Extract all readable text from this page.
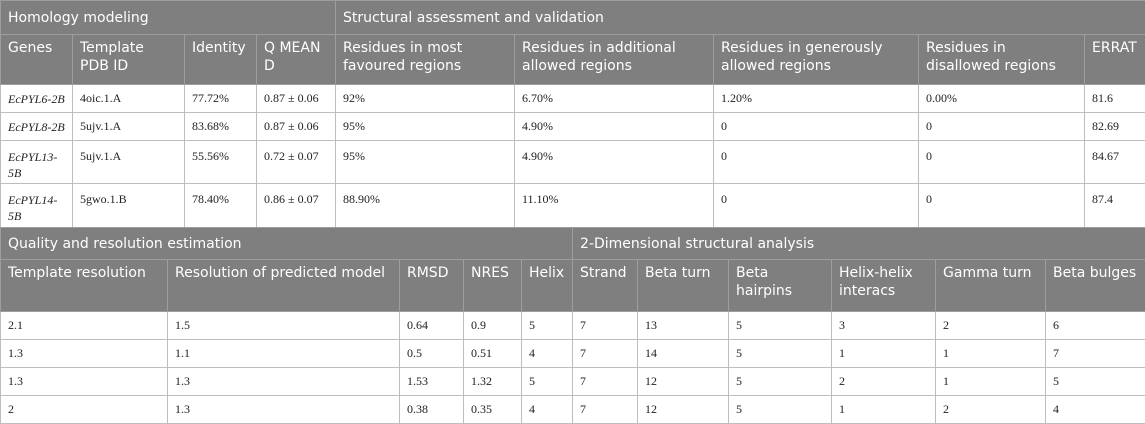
Homology modeling				Structural assessment and validation				
Genes	Template PDB ID	Identity	Q MEAN D	Residues in most favoured regions	Residues in additional allowed regions	Residues in generously allowed regions	Residues in disallowed regions	ERRAT
EcPYL6-2B	4oic.1.A	77.72%	0.87 ± 0.06	92%	6.70%	1.20%	0.00%	81.6
EcPYL8-2B	5ujv.1.A	83.68%	0.87 ± 0.06	95%	4.90%	0	0	82.69
EcPYL13-5B	5ujv.1.A	55.56%	0.72 ± 0.07	95%	4.90%	0	0	84.67
EcPYL14-5B	5gwo.1.B	78.40%	0.86 ± 0.07	88.90%	11.10%	0	0	87.4
Quality and resolution estimation					2-Dimensional structural analysis					
Template resolution	Resolution of predicted model	RMSD	NRES	Helix	Strand	Beta turn	Beta hairpins	Helix-helix interacs	Gamma turn	Beta bulges
2.1	1.5	0.64	0.9	5	7	13	5	3	2	6
1.3	1.1	0.5	0.51	4	7	14	5	1	1	7
1.3	1.3	1.53	1.32	5	7	12	5	2	1	5
2	1.3	0.38	0.35	4	7	12	5	1	2	4
